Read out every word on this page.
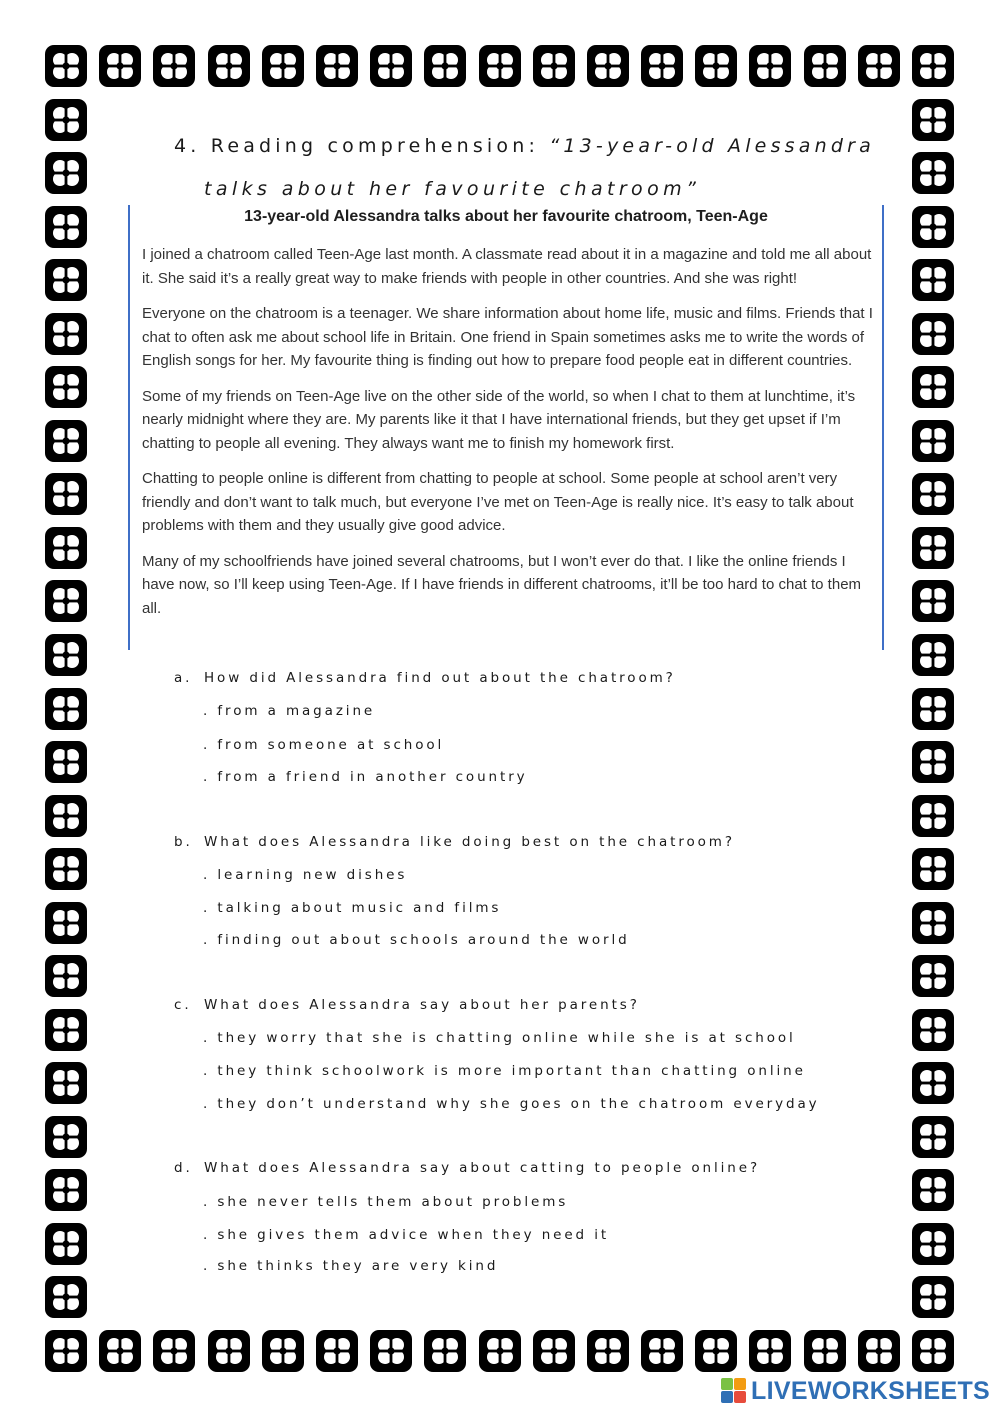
4. Reading comprehension: “13-year-old Alessandra
talks about her favourite chatroom”
13-year-old Alessandra talks about her favourite chatroom, Teen-Age

I joined a chatroom called Teen-Age last month. A classmate read about it in a magazine and told me all about it. She said it’s a really great way to make friends with people in other countries. And she was right!

Everyone on the chatroom is a teenager. We share information about home life, music and films. Friends that I chat to often ask me about school life in Britain. One friend in Spain sometimes asks me to write the words of English songs for her. My favourite thing is finding out how to prepare food people eat in different countries.

Some of my friends on Teen-Age live on the other side of the world, so when I chat to them at lunchtime, it’s nearly midnight where they are. My parents like it that I have international friends, but they get upset if I’m chatting to people all evening. They always want me to finish my homework first.

Chatting to people online is different from chatting to people at school. Some people at school aren’t very friendly and don’t want to talk much, but everyone I’ve met on Teen-Age is really nice. It’s easy to talk about problems with them and they usually give good advice.

Many of my schoolfriends have joined several chatrooms, but I won’t ever do that. I like the online friends I have now, so I’ll keep using Teen-Age. If I have friends in different chatrooms, it’ll be too hard to chat to them all.

a. How did Alessandra find out about the chatroom?
. from a magazine
. from someone at school
. from a friend in another country
b. What does Alessandra like doing best on the chatroom?
. learning new dishes
. talking about music and films
. finding out about schools around the world
c. What does Alessandra say about her parents?
. they worry that she is chatting online while she is at school
. they think schoolwork is more important than chatting online
. they don’t understand why she goes on the chatroom everyday
d. What does Alessandra say about catting to people online?
. she never tells them about problems
. she gives them advice when they need it
. she thinks they are very kind
LIVEWORKSHEETS
